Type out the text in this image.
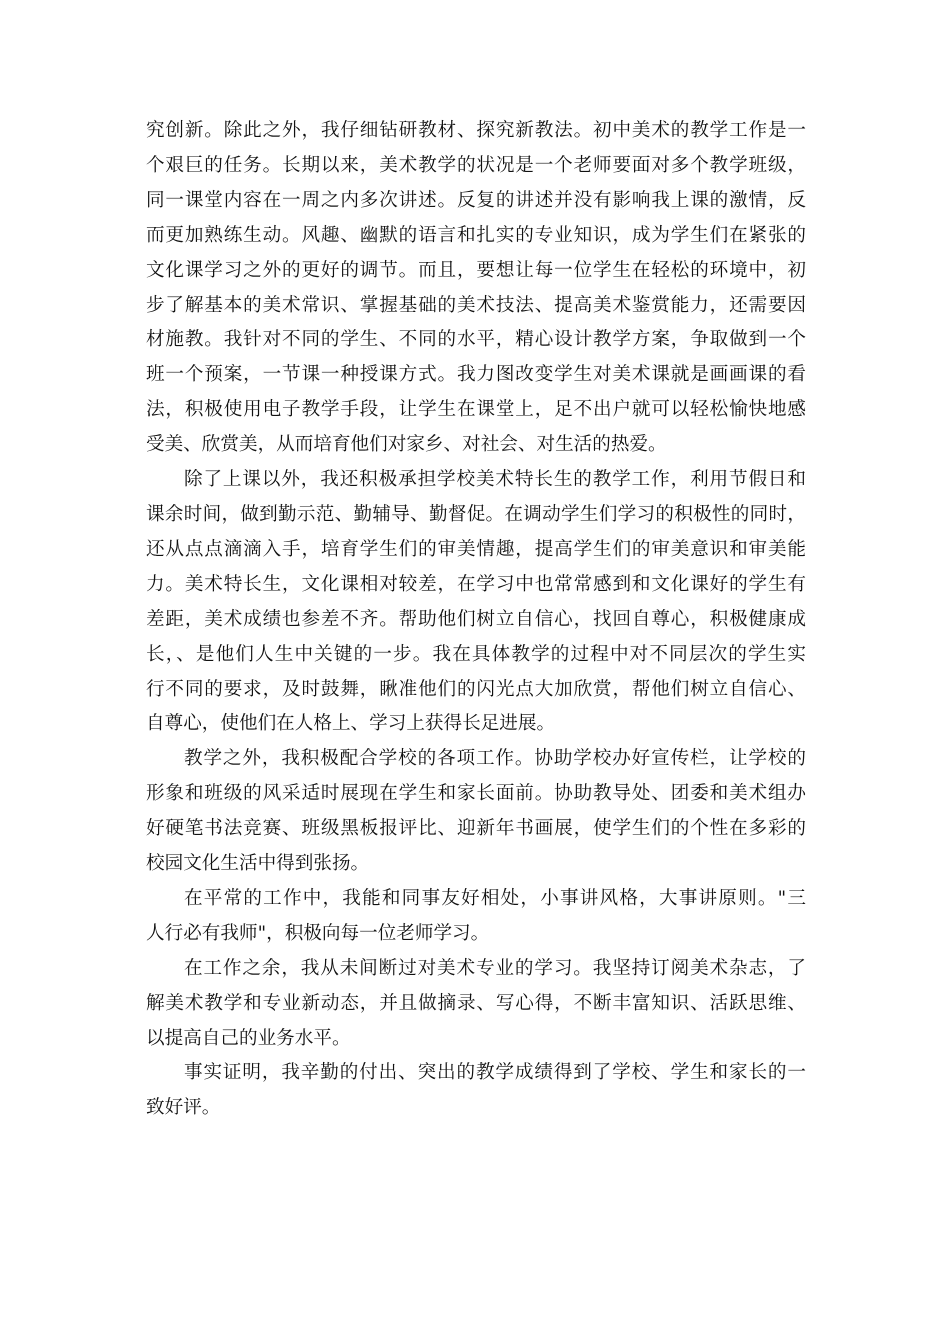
究创新。除此之外，我仔细钻研教材、探究新教法。初中美术的教学工作是一
个艰巨的任务。长期以来，美术教学的状况是一个老师要面对多个教学班级，
同一课堂内容在一周之内多次讲述。反复的讲述并没有影响我上课的激情，反
而更加熟练生动。风趣、幽默的语言和扎实的专业知识，成为学生们在紧张的
文化课学习之外的更好的调节。而且，要想让每一位学生在轻松的环境中，初
步了解基本的美术常识、掌握基础的美术技法、提高美术鉴赏能力，还需要因
材施教。我针对不同的学生、不同的水平，精心设计教学方案，争取做到一个
班一个预案，一节课一种授课方式。我力图改变学生对美术课就是画画课的看
法，积极使用电子教学手段，让学生在课堂上，足不出户就可以轻松愉快地感
受美、欣赏美，从而培育他们对家乡、对社会、对生活的热爱。
除了上课以外，我还积极承担学校美术特长生的教学工作，利用节假日和
课余时间，做到勤示范、勤辅导、勤督促。在调动学生们学习的积极性的同时，
还从点点滴滴入手，培育学生们的审美情趣，提高学生们的审美意识和审美能
力。美术特长生，文化课相对较差，在学习中也常常感到和文化课好的学生有
差距，美术成绩也参差不齐。帮助他们树立自信心，找回自尊心，积极健康成
长，、是他们人生中关键的一步。我在具体教学的过程中对不同层次的学生实
行不同的要求，及时鼓舞，瞅准他们的闪光点大加欣赏，帮他们树立自信心、
自尊心，使他们在人格上、学习上获得长足进展。
教学之外，我积极配合学校的各项工作。协助学校办好宣传栏，让学校的
形象和班级的风采适时展现在学生和家长面前。协助教导处、团委和美术组办
好硬笔书法竞赛、班级黑板报评比、迎新年书画展，使学生们的个性在多彩的
校园文化生活中得到张扬。
在平常的工作中，我能和同事友好相处，小事讲风格，大事讲原则。"三
人行必有我师"，积极向每一位老师学习。
在工作之余，我从未间断过对美术专业的学习。我坚持订阅美术杂志，了
解美术教学和专业新动态，并且做摘录、写心得，不断丰富知识、活跃思维、
以提高自己的业务水平。
事实证明，我辛勤的付出、突出的教学成绩得到了学校、学生和家长的一
致好评。
